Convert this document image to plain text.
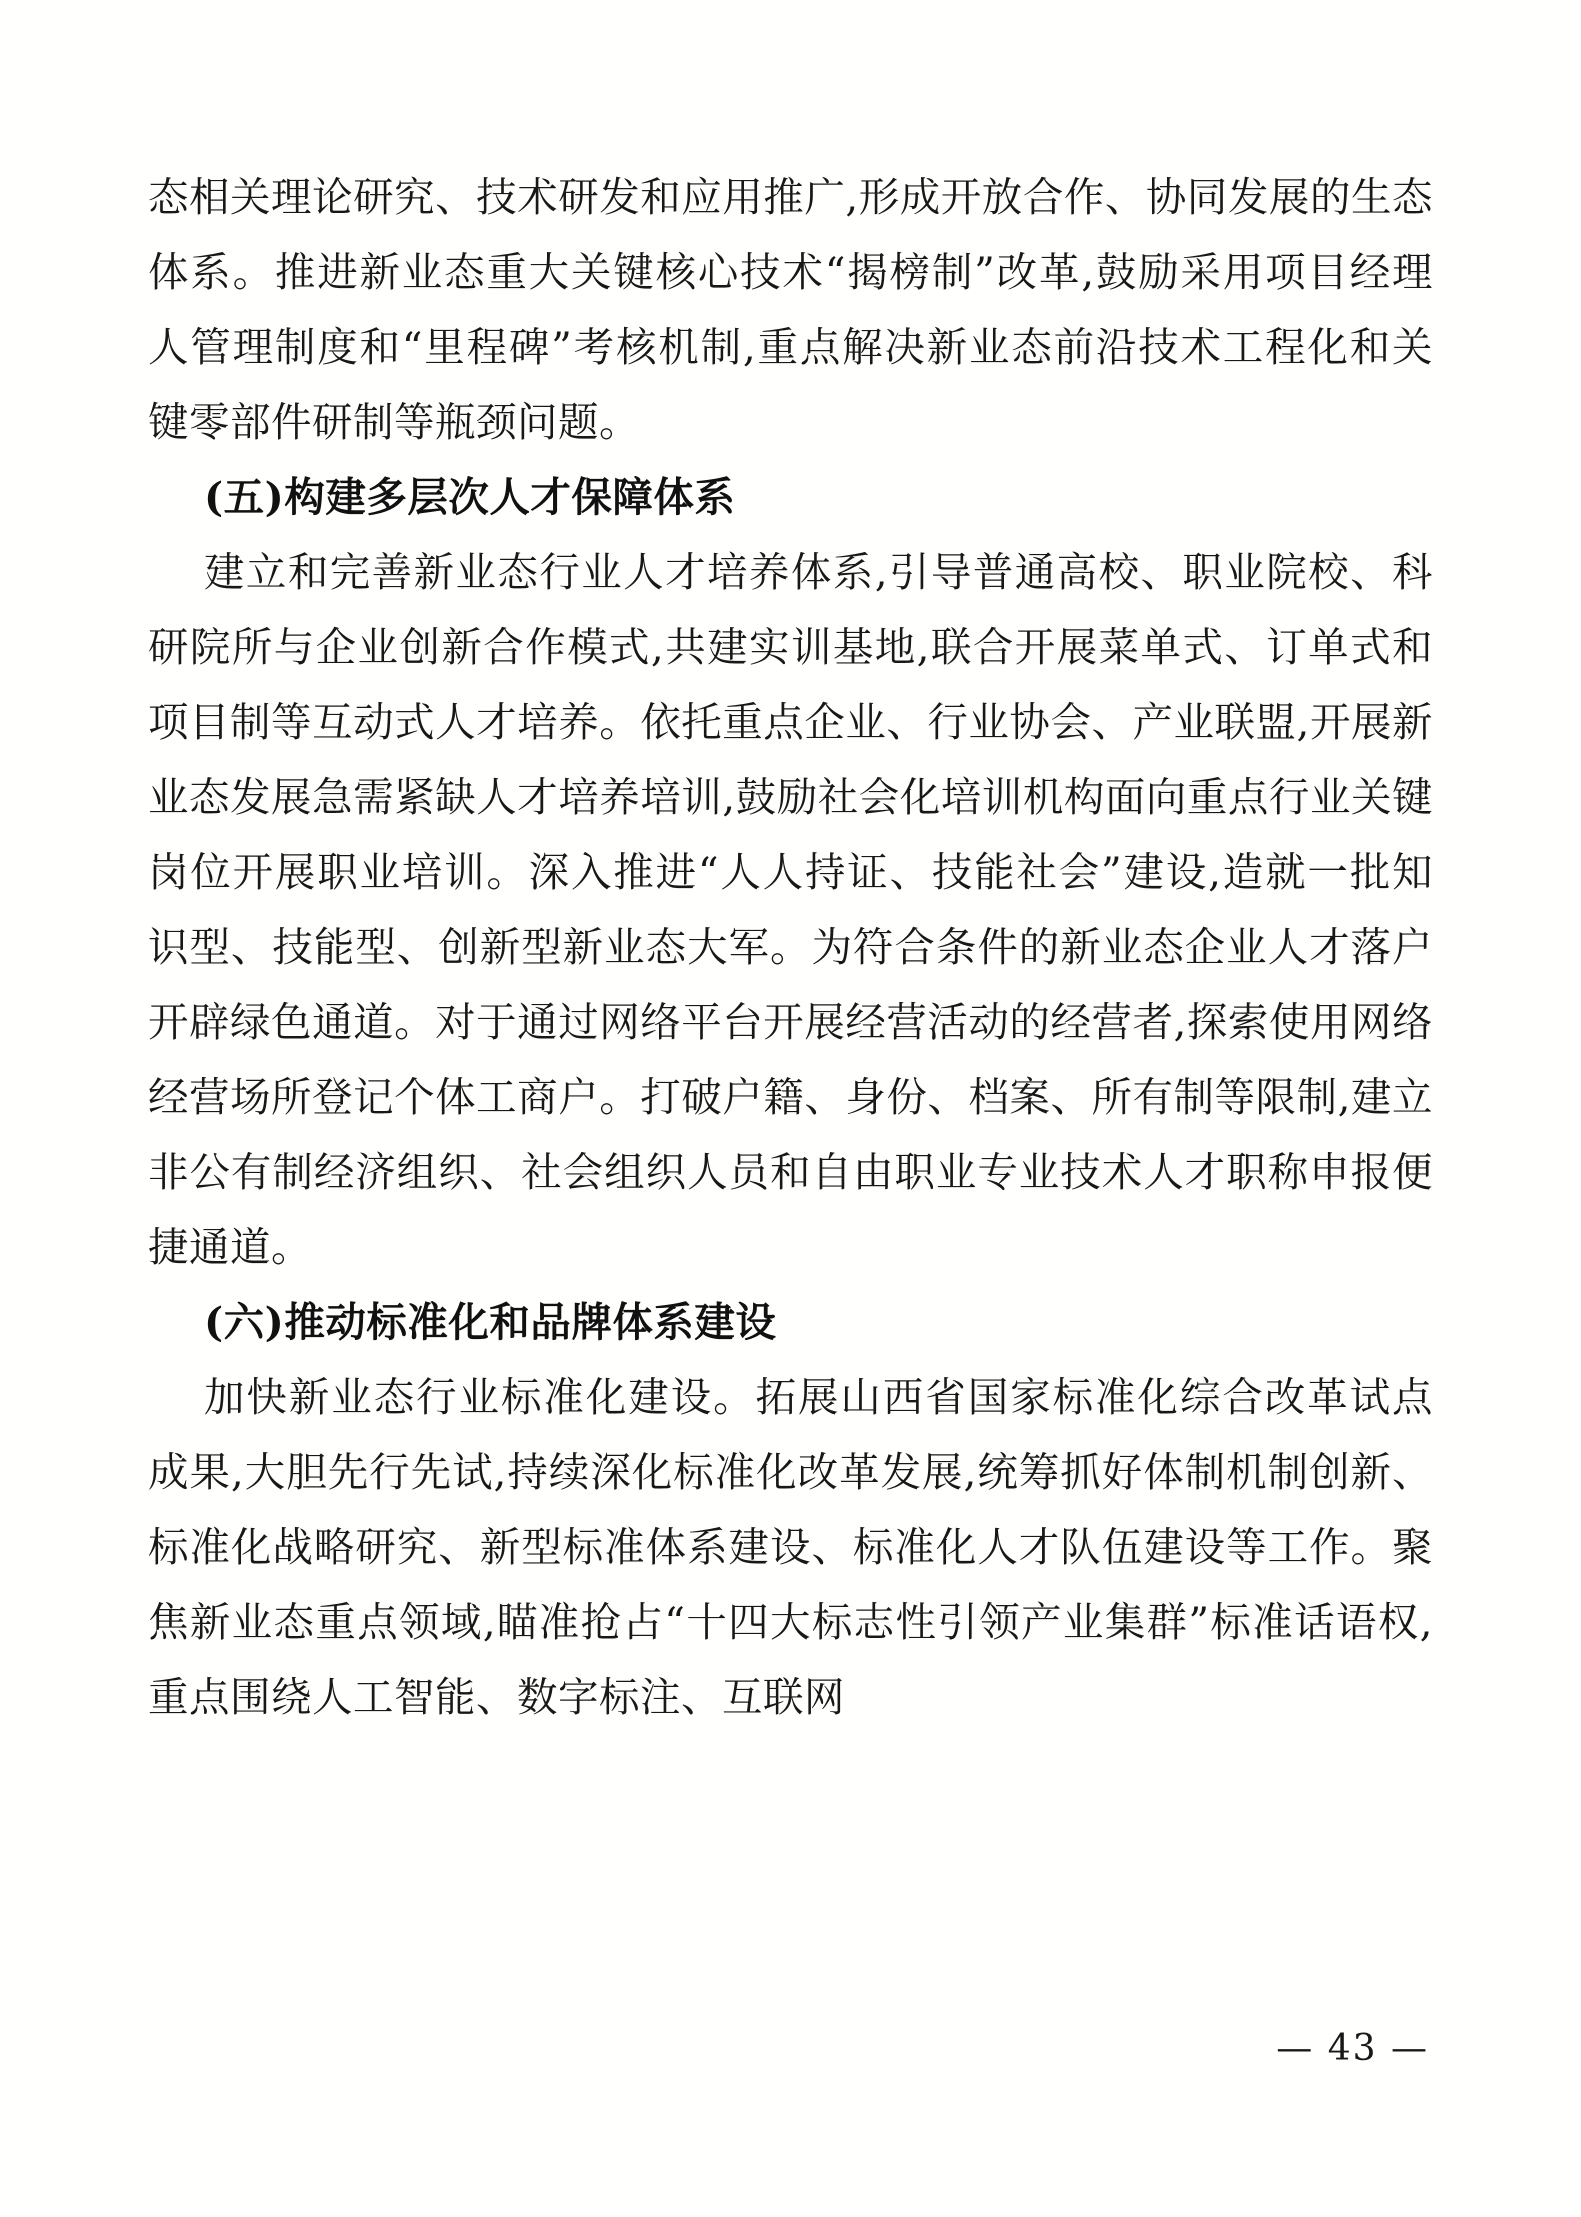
态相关理论研究、技术研发和应用推广,形成开放合作、协同发展的生态体系。推进新业态重大关键核心技术“揭榜制”改革,鼓励采用项目经理人管理制度和“里程碑”考核机制,重点解决新业态前沿技术工程化和关键零部件研制等瓶颈问题。

(五)构建多层次人才保障体系

建立和完善新业态行业人才培养体系,引导普通高校、职业院校、科研院所与企业创新合作模式,共建实训基地,联合开展菜单式、订单式和项目制等互动式人才培养。依托重点企业、行业协会、产业联盟,开展新业态发展急需紧缺人才培养培训,鼓励社会化培训机构面向重点行业关键岗位开展职业培训。深入推进“人人持证、技能社会”建设,造就一批知识型、技能型、创新型新业态大军。为符合条件的新业态企业人才落户开辟绿色通道。对于通过网络平台开展经营活动的经营者,探索使用网络经营场所登记个体工商户。打破户籍、身份、档案、所有制等限制,建立非公有制经济组织、社会组织人员和自由职业专业技术人才职称申报便捷通道。

(六)推动标准化和品牌体系建设

加快新业态行业标准化建设。拓展山西省国家标准化综合改革试点成果,大胆先行先试,持续深化标准化改革发展,统筹抓好体制机制创新、标准化战略研究、新型标准体系建设、标准化人才队伍建设等工作。聚焦新业态重点领域,瞄准抢占“十四大标志性引领产业集群”标准话语权,重点围绕人工智能、数字标注、互联网

— 43 —
